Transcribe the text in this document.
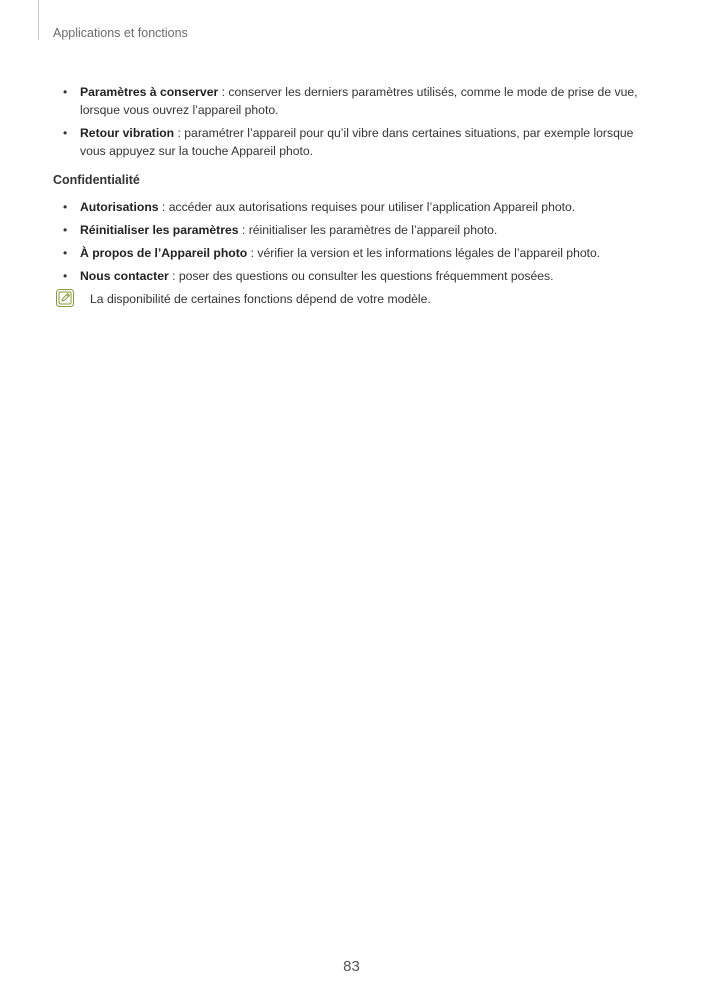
Applications et fonctions
• Paramètres à conserver : conserver les derniers paramètres utilisés, comme le mode de prise de vue, lorsque vous ouvrez l’appareil photo.
• Retour vibration : paramétrer l’appareil pour qu’il vibre dans certaines situations, par exemple lorsque vous appuyez sur la touche Appareil photo.
Confidentialité
• Autorisations : accéder aux autorisations requises pour utiliser l’application Appareil photo.
• Réinitialiser les paramètres : réinitialiser les paramètres de l’appareil photo.
• À propos de l’Appareil photo : vérifier la version et les informations légales de l’appareil photo.
• Nous contacter : poser des questions ou consulter les questions fréquemment posées.
La disponibilité de certaines fonctions dépend de votre modèle.
83
